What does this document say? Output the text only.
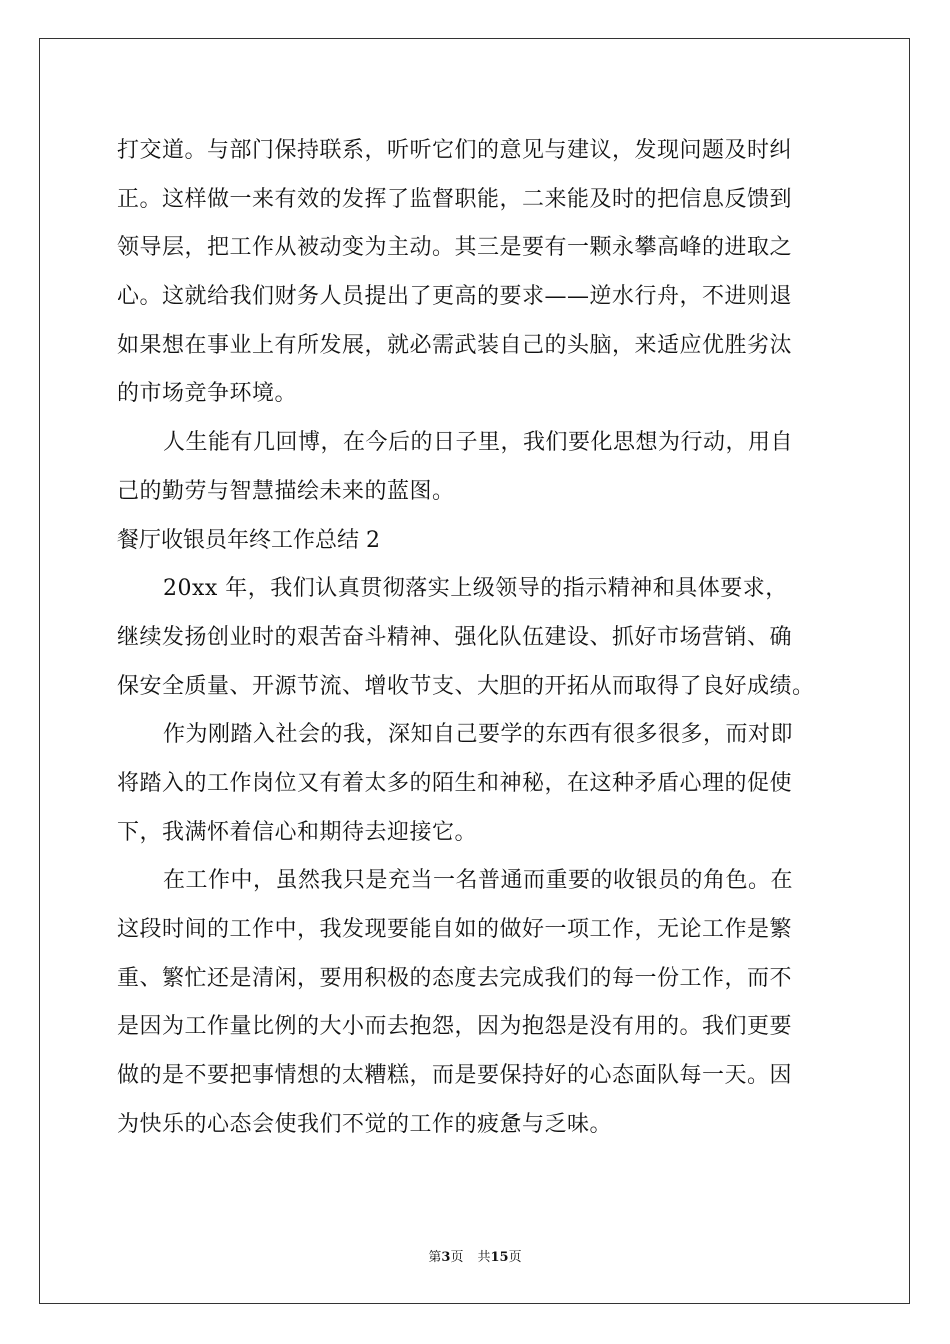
打交道。与部门保持联系，听听它们的意见与建议，发现问题及时纠
正。这样做一来有效的发挥了监督职能，二来能及时的把信息反馈到
领导层，把工作从被动变为主动。其三是要有一颗永攀高峰的进取之
心。这就给我们财务人员提出了更高的要求——逆水行舟，不进则退
如果想在事业上有所发展，就必需武装自己的头脑，来适应优胜劣汰
的市场竞争环境。
人生能有几回博，在今后的日子里，我们要化思想为行动，用自
己的勤劳与智慧描绘未来的蓝图。
餐厅收银员年终工作总结 2
20xx 年，我们认真贯彻落实上级领导的指示精神和具体要求，
继续发扬创业时的艰苦奋斗精神、强化队伍建设、抓好市场营销、确
保安全质量、开源节流、增收节支、大胆的开拓从而取得了良好成绩。
作为刚踏入社会的我，深知自己要学的东西有很多很多，而对即
将踏入的工作岗位又有着太多的陌生和神秘，在这种矛盾心理的促使
下，我满怀着信心和期待去迎接它。
在工作中，虽然我只是充当一名普通而重要的收银员的角色。在
这段时间的工作中，我发现要能自如的做好一项工作，无论工作是繁
重、繁忙还是清闲，要用积极的态度去完成我们的每一份工作，而不
是因为工作量比例的大小而去抱怨，因为抱怨是没有用的。我们更要
做的是不要把事情想的太糟糕，而是要保持好的心态面队每一天。因
为快乐的心态会使我们不觉的工作的疲惫与乏味。
第3页 共15页
